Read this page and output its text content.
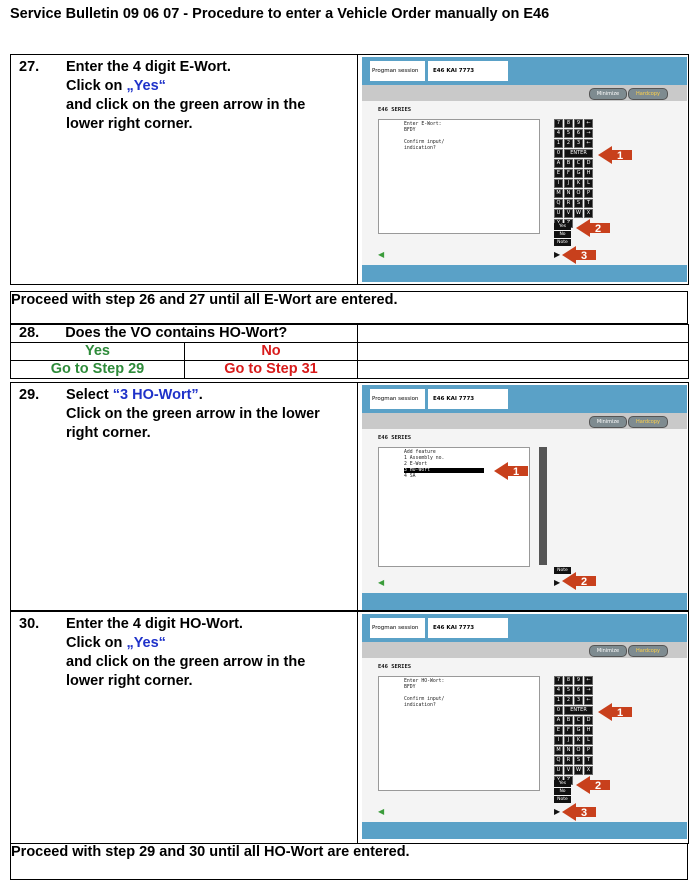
Service Bulletin 09 06 07 - Procedure to enter a Vehicle Order manually on E46
27. Enter the 4 digit E-Wort.
Click on „Yes“
and click on the green arrow in the
lower right corner.

Progman session	E46 KAI 7773
Minimize	Hardcopy
E46 SERIES
Enter E-Wort:
BFDY

Confirm input/
indication?
7	8	9	←
4	5	6	→
1	2	3	←
0	ENTER
A	B	C	D
E	F	G	H
I	J	K	L
M	N	O	P
Q	R	S	T
U	V	W	X
Yes
No
Note
◀	▶
1
2
3
Proceed with step 26 and 27 until all E-Wort are entered.
28. Does the VO contains HO-Wort?		
Yes	No	
Go to Step 29	Go to Step 31	
29. Select “3 HO-Wort”.
Click on the green arrow in the lower
right corner.

Progman session	E46 KAI 7773
Minimize	Hardcopy
E46 SERIES
Add feature
1 Assembly no.
2 E-Wort
3 HO-Wort
4 SA
Note
◀	▶
1
2
30. Enter the 4 digit HO-Wort.
Click on „Yes“
and click on the green arrow in the
lower right corner.

Progman session	E46 KAI 7773
Minimize	Hardcopy
E46 SERIES
Enter HO-Wort:
BFDY

Confirm input/
indication?
7	8	9	←
4	5	6	→
1	2	3	←
0	ENTER
A	B	C	D
E	F	G	H
I	J	K	L
M	N	O	P
Q	R	S	T
U	V	W	X
Yes
No
Note
◀	▶
1
2
3
Proceed with step 29 and 30 until all HO-Wort are entered.
